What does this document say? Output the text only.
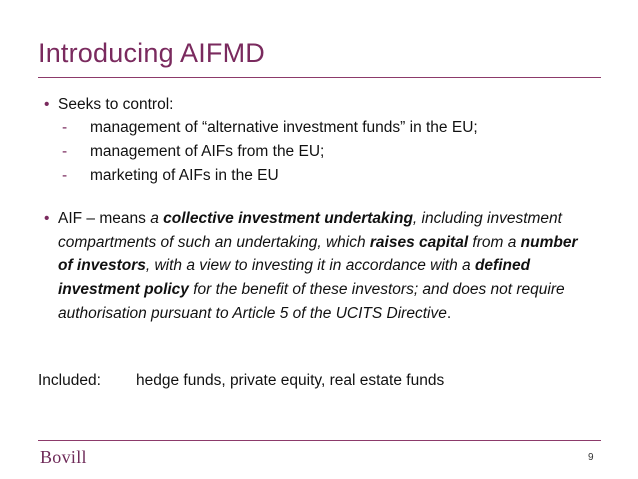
Introducing AIFMD
• Seeks to control:
-	management of “alternative investment funds” in the EU;
-	management of AIFs from the EU;
-	marketing of AIFs in the EU
• AIF – means a collective investment undertaking, including investment compartments of such an undertaking, which raises capital from a number of investors, with a view to investing it in accordance with a defined investment policy for the benefit of these investors; and does not require authorisation pursuant to Article 5 of the UCITS Directive.
Included: hedge funds, private equity, real estate funds
Bovill	9
